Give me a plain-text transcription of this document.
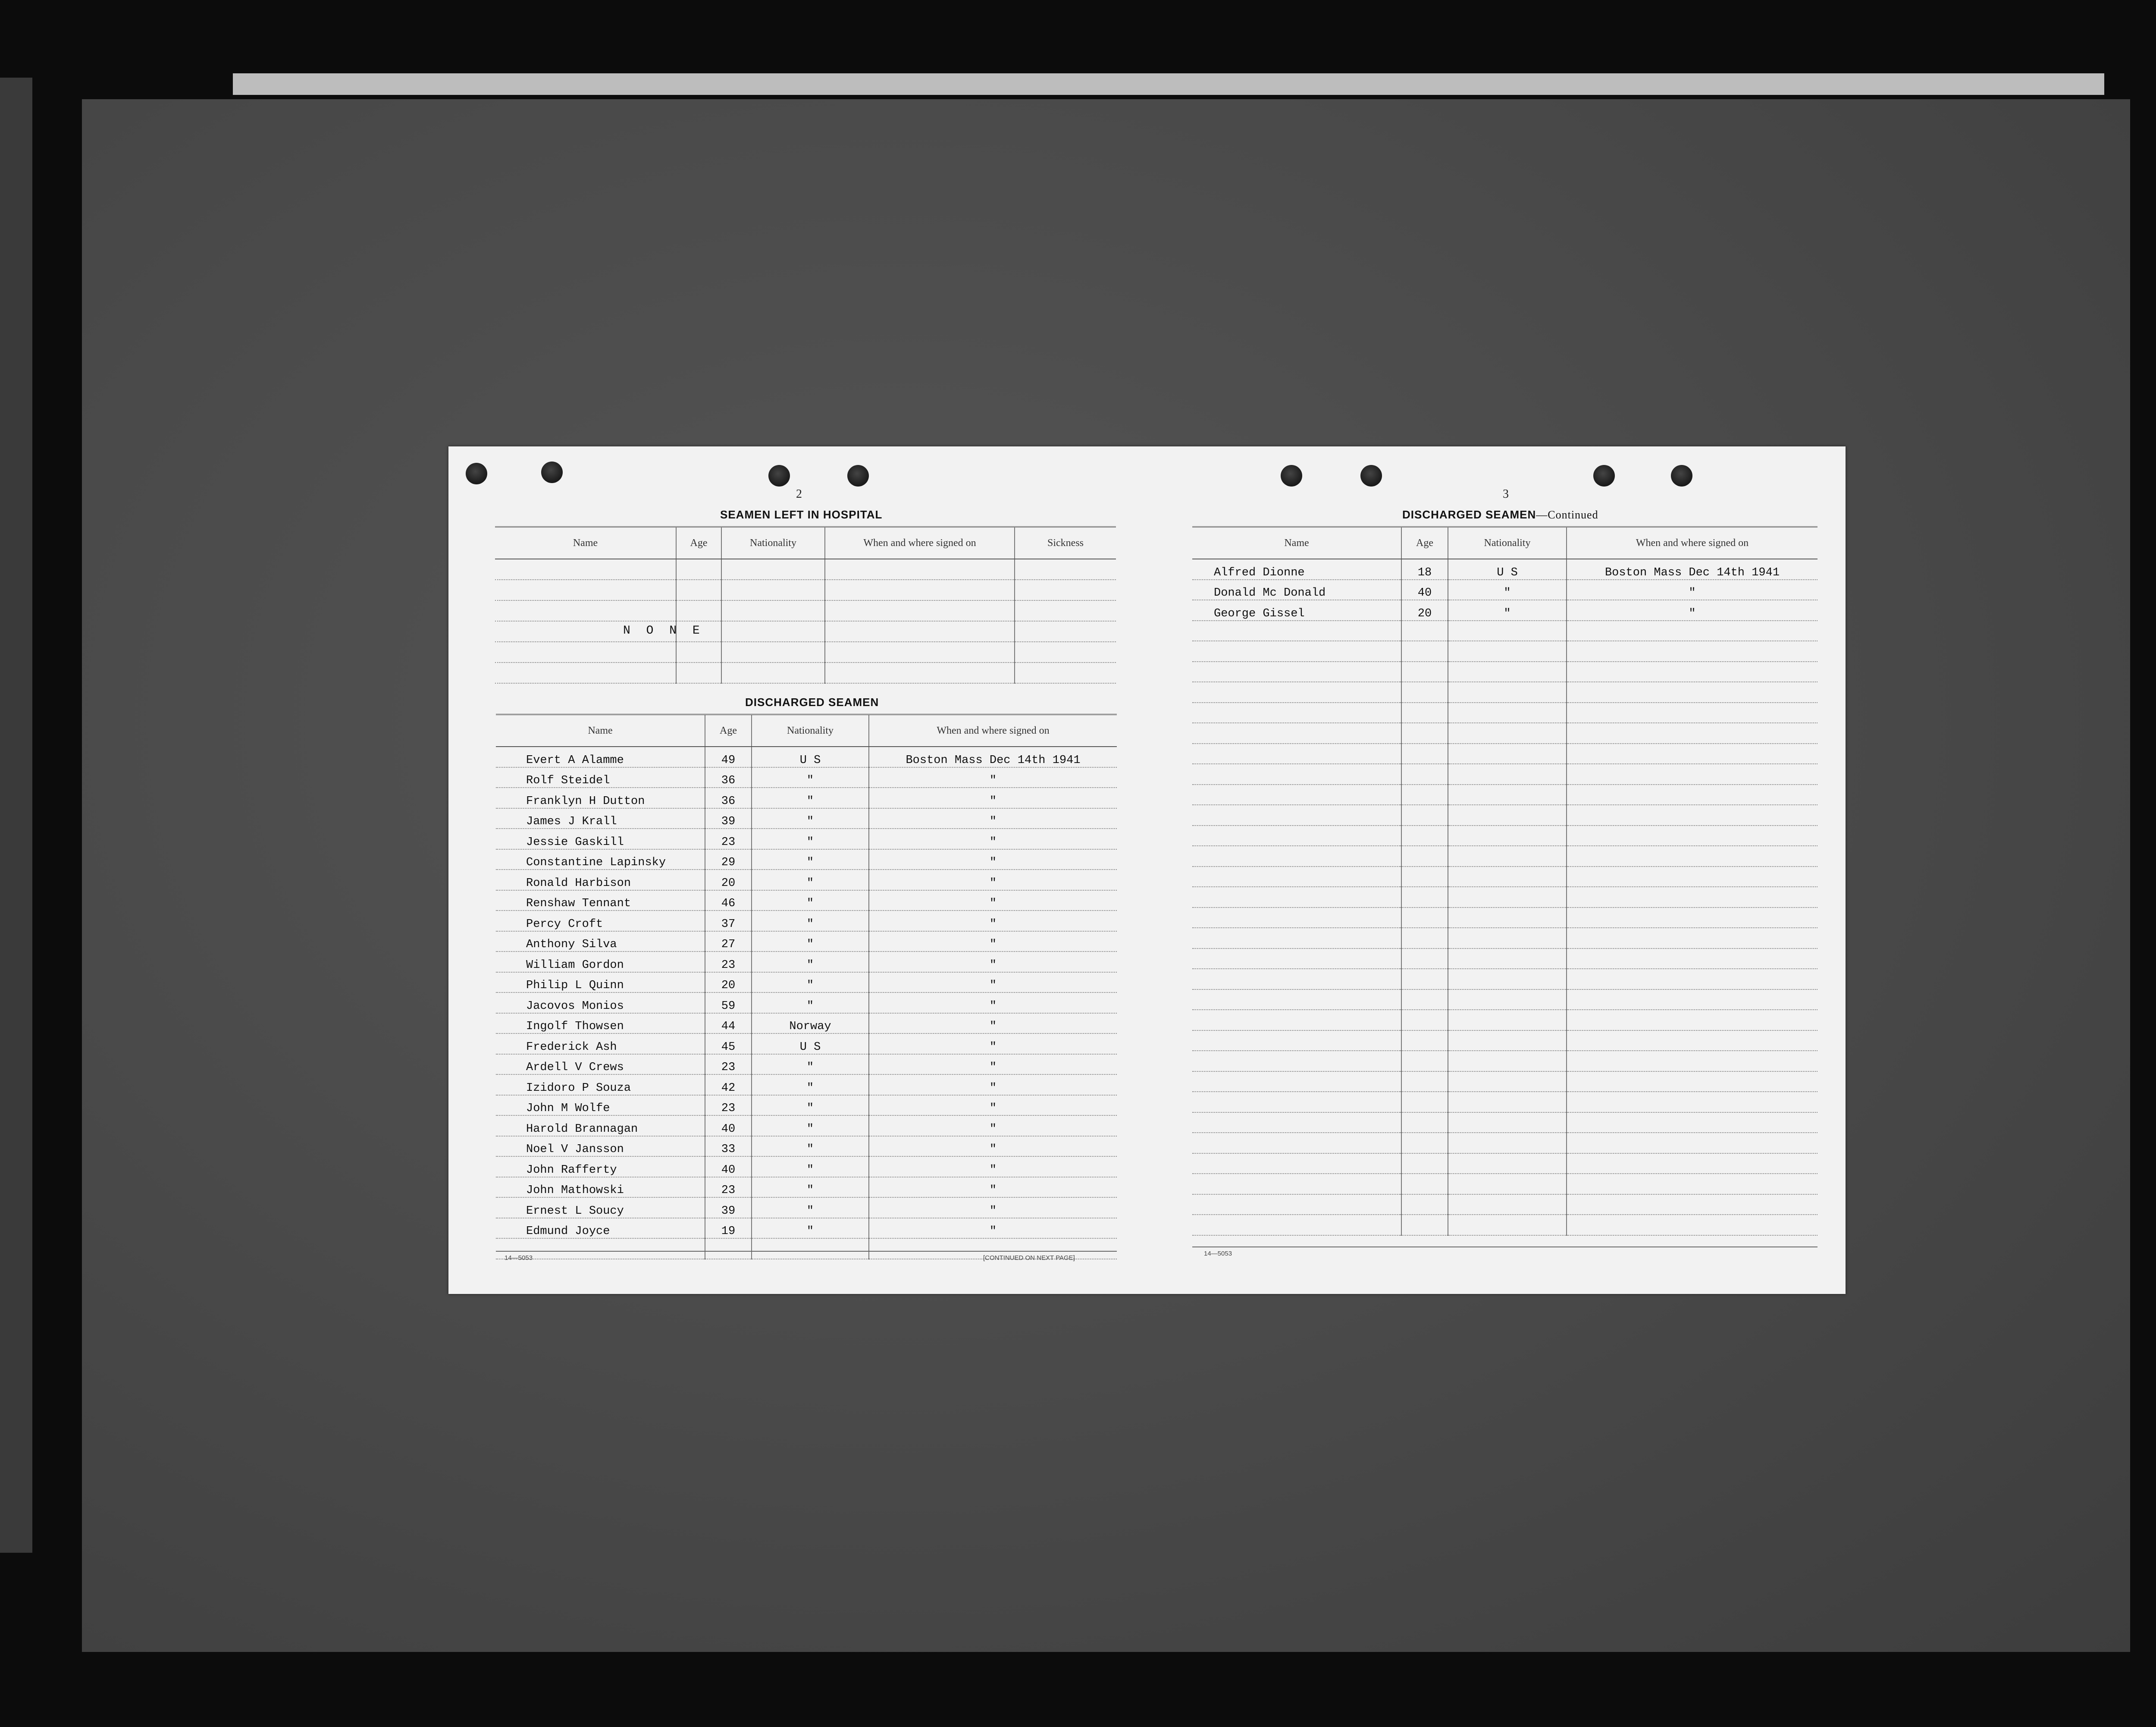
2
SEAMEN LEFT IN HOSPITAL
Name	Age	Nationality	When and where signed on	Sickness

N O N E
DISCHARGED SEAMEN
Name	Age	Nationality	When and where signed on
Evert A Alamme	49	U S	Boston Mass Dec 14th 1941
Rolf Steidel	36	"	"
Franklyn H Dutton	36	"	"
James J Krall	39	"	"
Jessie Gaskill	23	"	"
Constantine Lapinsky	29	"	"
Ronald Harbison	20	"	"
Renshaw Tennant	46	"	"
Percy Croft	37	"	"
Anthony Silva	27	"	"
William Gordon	23	"	"
Philip L Quinn	20	"	"
Jacovos Monios	59	"	"
Ingolf Thowsen	44	Norway	"
Frederick Ash	45	U S	"
Ardell V Crews	23	"	"
Izidoro P Souza	42	"	"
John M Wolfe	23	"	"
Harold Brannagan	40	"	"
Noel V Jansson	33	"	"
John Rafferty	40	"	"
John Mathowski	23	"	"
Ernest L Soucy	39	"	"
Edmund Joyce	19	"	"

14—5053	[CONTINUED ON NEXT PAGE]
3
DISCHARGED SEAMEN—Continued
Name	Age	Nationality	When and where signed on
Alfred Dionne	18	U S	Boston Mass Dec 14th 1941
Donald Mc Donald	40	"	"
George Gissel	20	"	"

14—5053
